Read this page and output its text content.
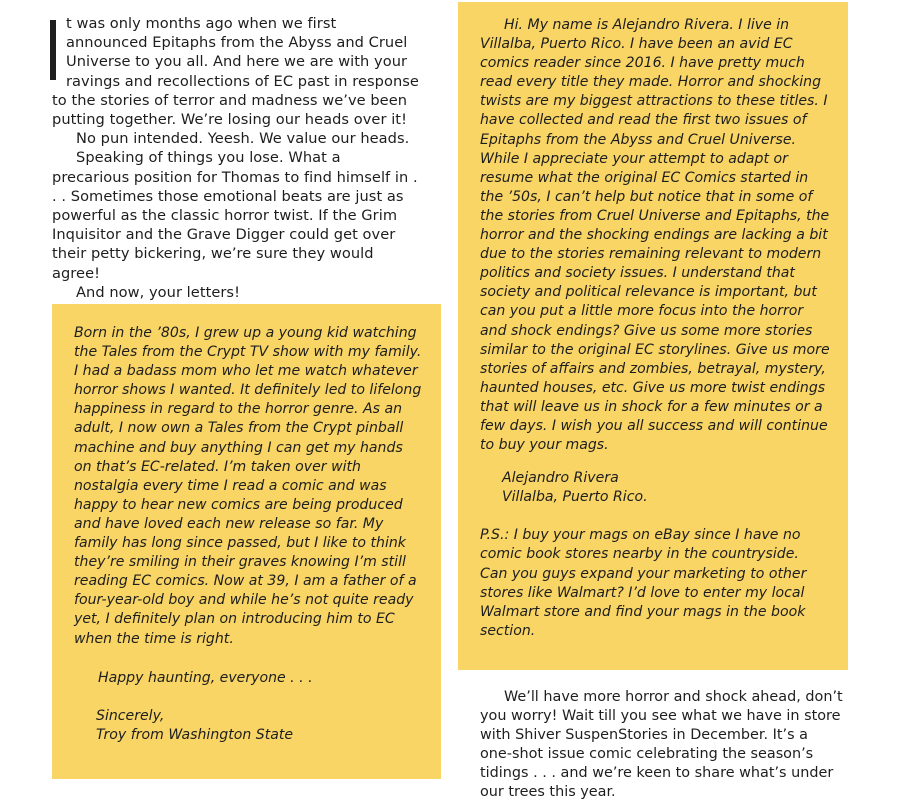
t was only months ago when we first announced Epitaphs from the Abyss and Cruel Universe to you all. And here we are with your ravings and recollections of EC past in response to the stories of terror and madness we’ve been putting together. We’re losing our heads over it!

No pun intended. Yeesh. We value our heads.

Speaking of things you lose. What a precarious position for Thomas to find himself in . . . Sometimes those emotional beats are just as powerful as the classic horror twist. If the Grim Inquisitor and the Grave Digger could get over their petty bickering, we’re sure they would agree!

And now, your letters!

Born in the ’80s, I grew up a young kid watching the Tales from the Crypt TV show with my family. I had a badass mom who let me watch whatever horror shows I wanted. It definitely led to lifelong happiness in regard to the horror genre. As an adult, I now own a Tales from the Crypt pinball machine and buy anything I can get my hands on that’s EC-related. I’m taken over with nostalgia every time I read a comic and was happy to hear new comics are being produced and have loved each new release so far. My family has long since passed, but I like to think they’re smiling in their graves knowing I’m still reading EC comics. Now at 39, I am a father of a four-year-old boy and while he’s not quite ready yet, I definitely plan on introducing him to EC when the time is right.

Happy haunting, everyone . . .

Sincerely,

Troy from Washington State

Hi. My name is Alejandro Rivera. I live in Villalba, Puerto Rico. I have been an avid EC comics reader since 2016. I have pretty much read every title they made. Horror and shocking twists are my biggest attractions to these titles. I have collected and read the first two issues of Epitaphs from the Abyss and Cruel Universe. While I appreciate your attempt to adapt or resume what the original EC Comics started in the ’50s, I can’t help but notice that in some of the stories from Cruel Universe and Epitaphs, the horror and the shocking endings are lacking a bit due to the stories remaining relevant to modern politics and society issues. I understand that society and political relevance is important, but can you put a little more focus into the horror and shock endings? Give us some more stories similar to the original EC storylines. Give us more stories of affairs and zombies, betrayal, mystery, haunted houses, etc. Give us more twist endings that will leave us in shock for a few minutes or a few days. I wish you all success and will continue to buy your mags.

Alejandro Rivera

Villalba, Puerto Rico.

P.S.: I buy your mags on eBay since I have no comic book stores nearby in the countryside. Can you guys expand your marketing to other stores like Walmart? I’d love to enter my local Walmart store and find your mags in the book section.

We’ll have more horror and shock ahead, don’t you worry! Wait till you see what we have in store with Shiver SuspenStories in December. It’s a one-shot issue comic celebrating the season’s tidings . . . and we’re keen to share what’s under our trees this year.
